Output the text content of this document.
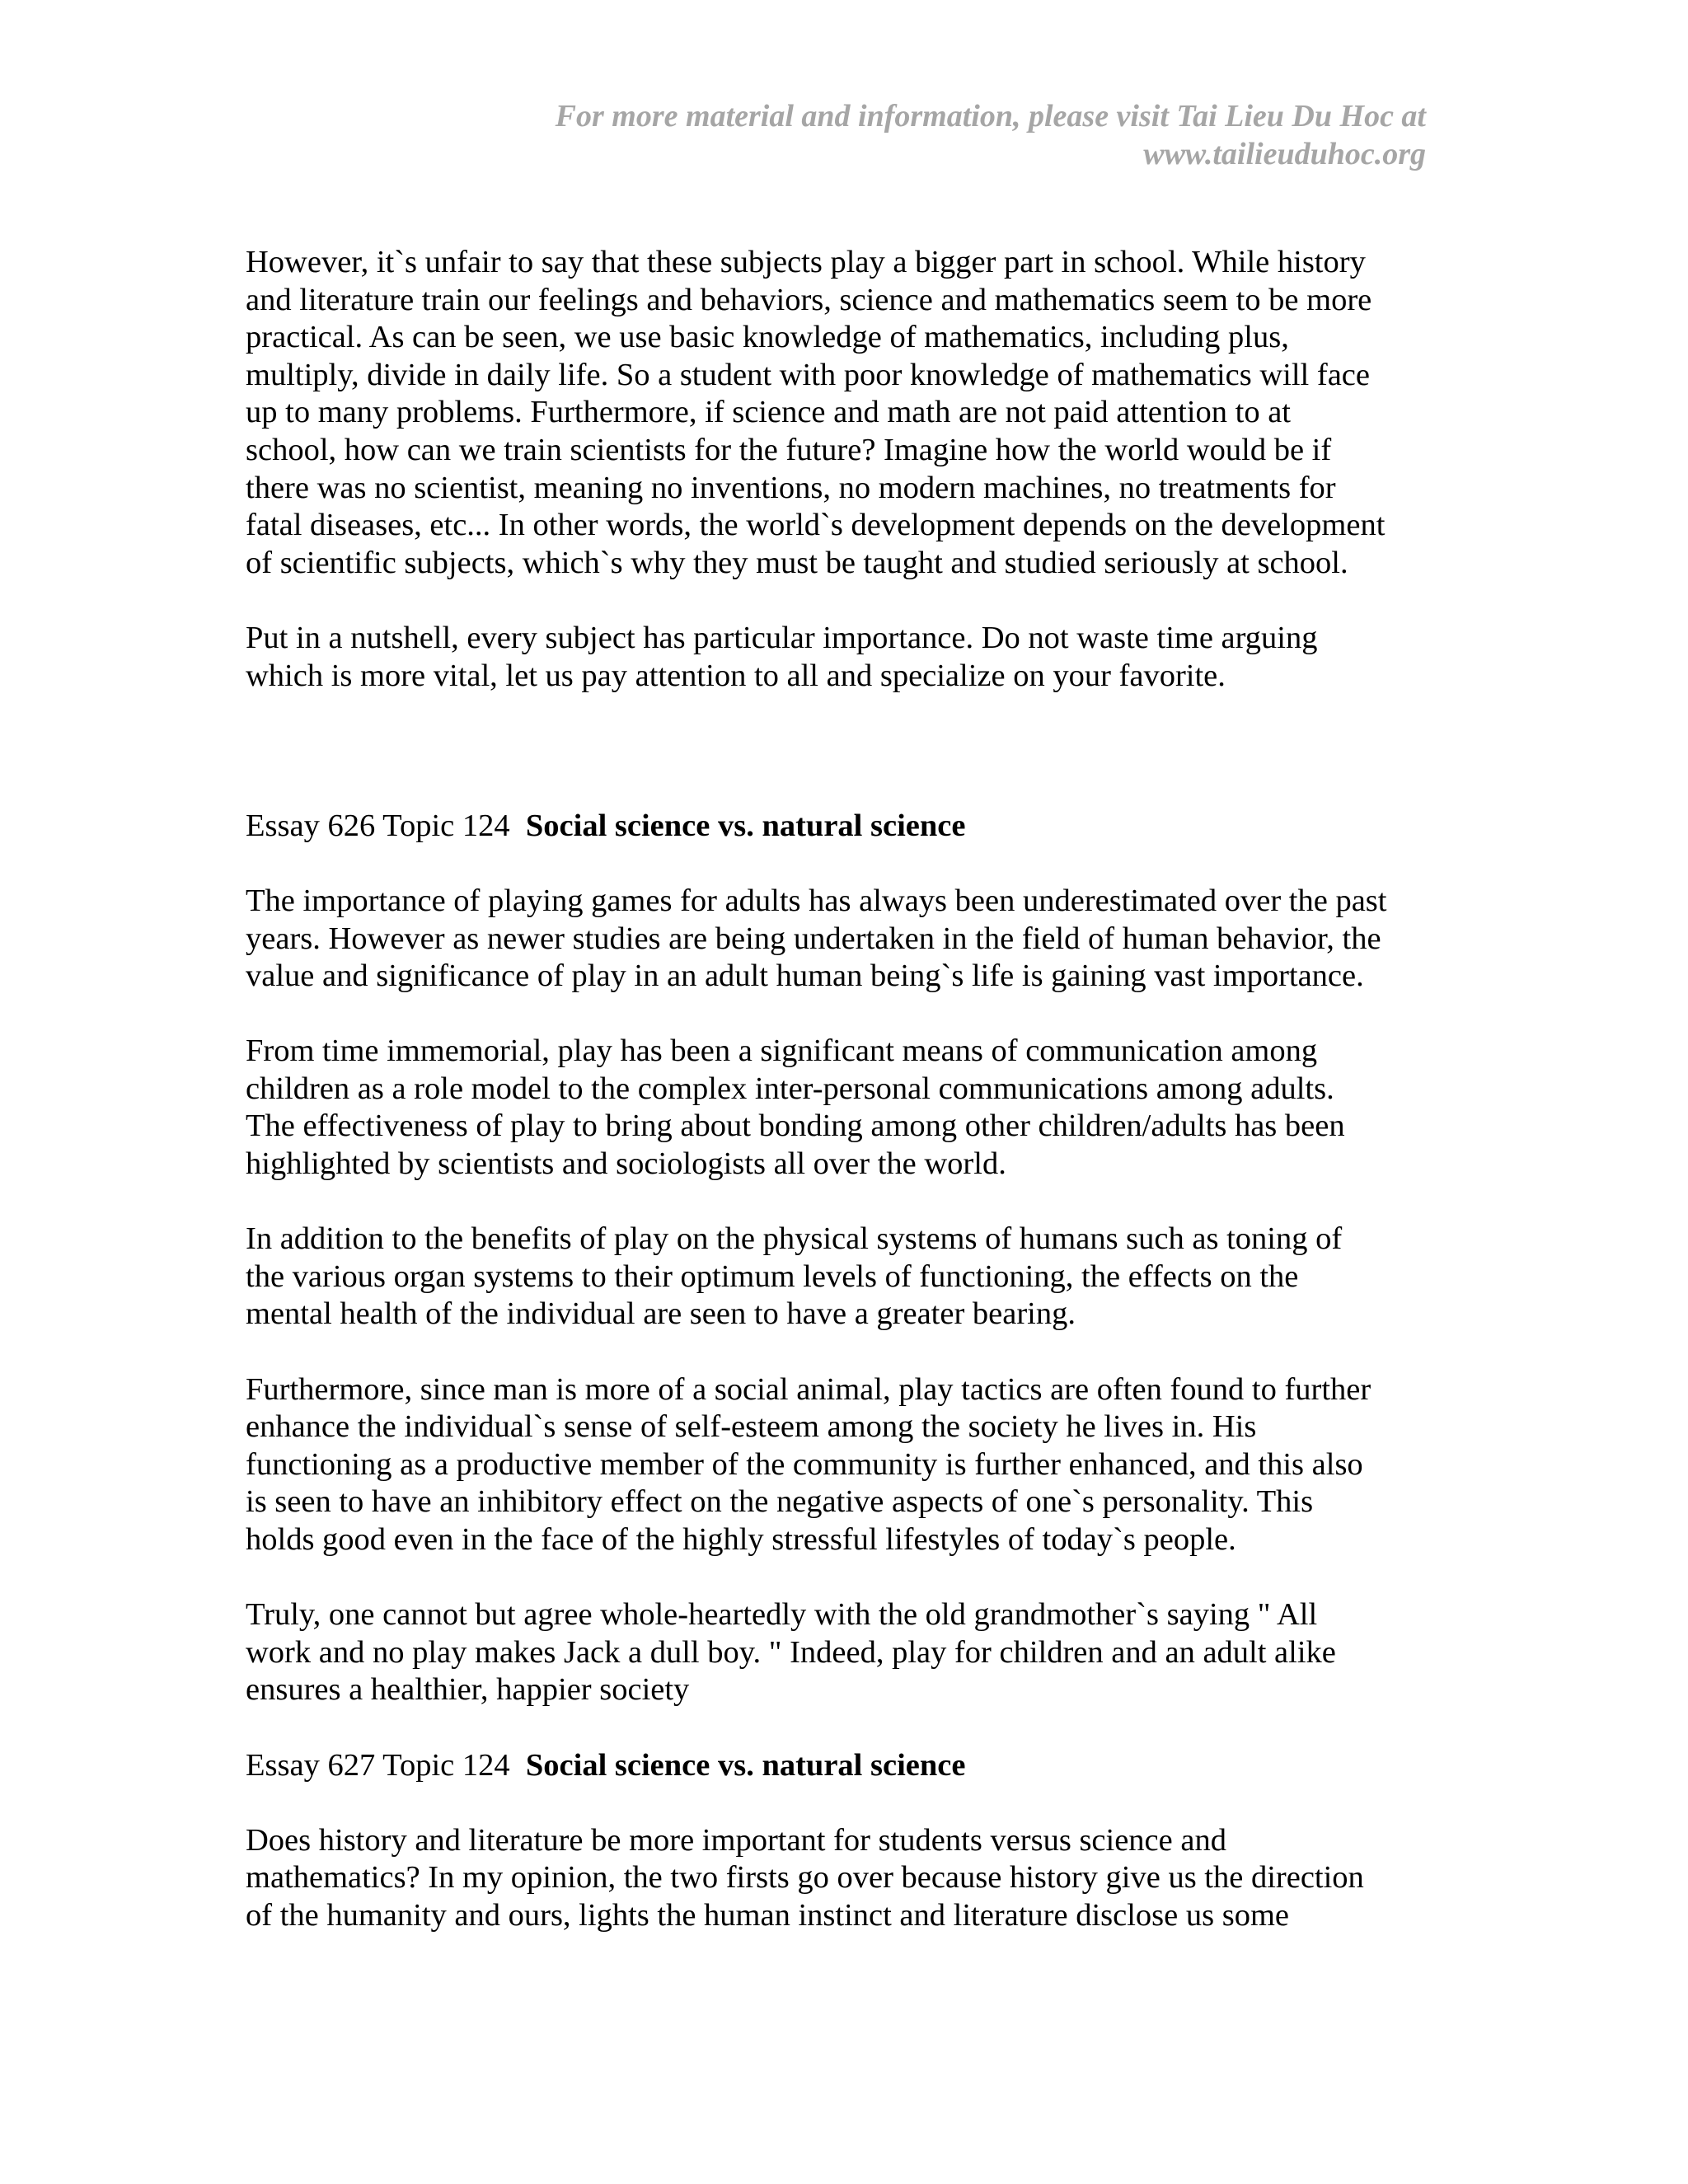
For more material and information, please visit Tai Lieu Du Hoc at

www.tailieuduhoc.org

However, it`s unfair to say that these subjects play a bigger part in school. While history
and literature train our feelings and behaviors, science and mathematics seem to be more
practical. As can be seen, we use basic knowledge of mathematics, including plus,
multiply, divide in daily life. So a student with poor knowledge of mathematics will face
up to many problems. Furthermore, if science and math are not paid attention to at
school, how can we train scientists for the future? Imagine how the world would be if
there was no scientist, meaning no inventions, no modern machines, no treatments for
fatal diseases, etc... In other words, the world`s development depends on the development
of scientific subjects, which`s why they must be taught and studied seriously at school.
Put in a nutshell, every subject has particular importance. Do not waste time arguing
which is more vital, let us pay attention to all and specialize on your favorite.
Essay 626 Topic 124 Social science vs. natural science
The importance of playing games for adults has always been underestimated over the past
years. However as newer studies are being undertaken in the field of human behavior, the
value and significance of play in an adult human being`s life is gaining vast importance.
From time immemorial, play has been a significant means of communication among
children as a role model to the complex inter-personal communications among adults.
The effectiveness of play to bring about bonding among other children/adults has been
highlighted by scientists and sociologists all over the world.
In addition to the benefits of play on the physical systems of humans such as toning of
the various organ systems to their optimum levels of functioning, the effects on the
mental health of the individual are seen to have a greater bearing.
Furthermore, since man is more of a social animal, play tactics are often found to further
enhance the individual`s sense of self-esteem among the society he lives in. His
functioning as a productive member of the community is further enhanced, and this also
is seen to have an inhibitory effect on the negative aspects of one`s personality. This
holds good even in the face of the highly stressful lifestyles of today`s people.
Truly, one cannot but agree whole-heartedly with the old grandmother`s saying " All
work and no play makes Jack a dull boy. " Indeed, play for children and an adult alike
ensures a healthier, happier society
Essay 627 Topic 124 Social science vs. natural science
Does history and literature be more important for students versus science and
mathematics? In my opinion, the two firsts go over because history give us the direction
of the humanity and ours, lights the human instinct and literature disclose us some
